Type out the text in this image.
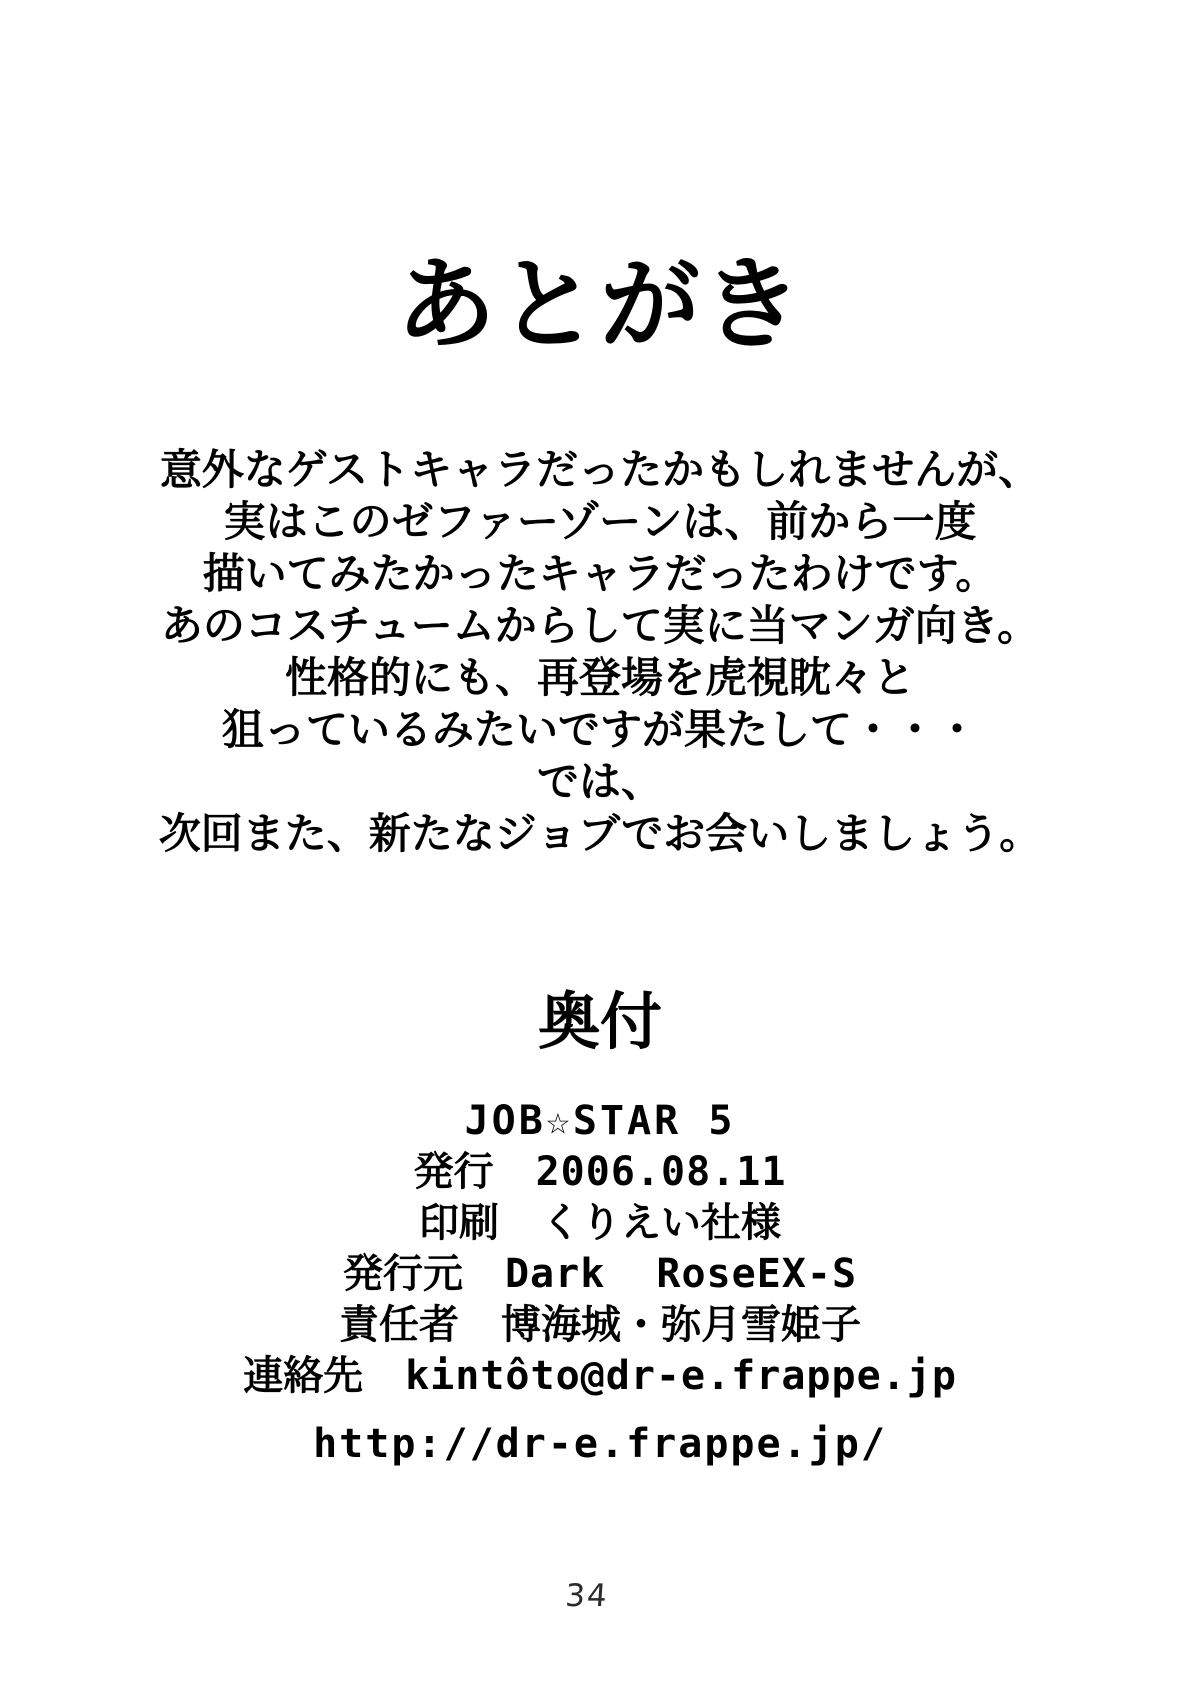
あとがき
意外なゲストキャラだったかもしれませんが、
実はこのゼファーゾーンは、前から一度
描いてみたかったキャラだったわけです。
あのコスチュームからして実に当マンガ向き。
性格的にも、再登場を虎視眈々と
狙っているみたいですが果たして・・・
では、
次回また、新たなジョブでお会いしましょう。
奥付
JOB☆STAR 5
発行 2006.08.11
印刷 くりえい社様
発行元 Dark RoseEX-S
責任者 博海城・弥月雪姫子
連絡先 kintôto@dr-e.frappe.jp
http://dr-e.frappe.jp/
34
